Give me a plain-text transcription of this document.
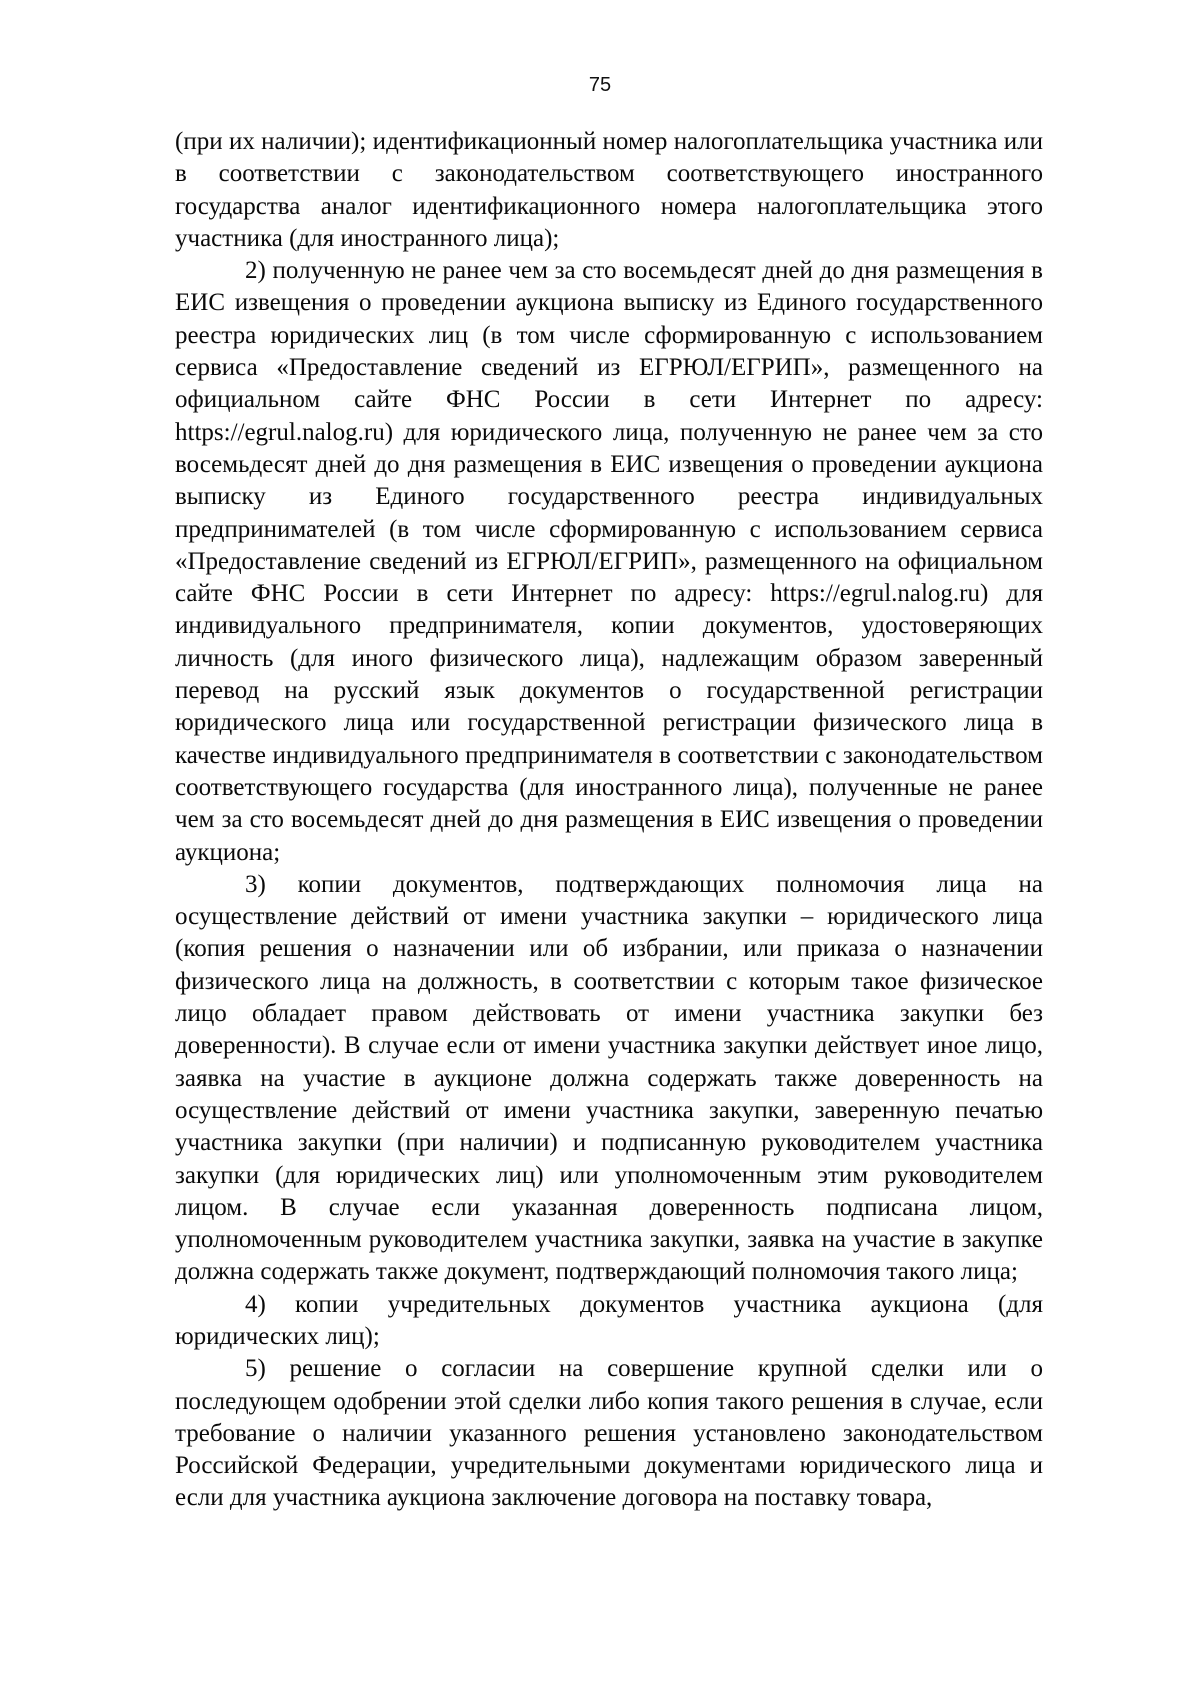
75

(при их наличии); идентификационный номер налогоплательщика участника или в соответствии с законодательством соответствующего иностранного государства аналог идентификационного номера налогоплательщика этого участника (для иностранного лица);

2) полученную не ранее чем за сто восемьдесят дней до дня размещения в ЕИС извещения о проведении аукциона выписку из Единого государственного реестра юридических лиц (в том числе сформированную с использованием сервиса «Предоставление сведений из ЕГРЮЛ/ЕГРИП», размещенного на официальном сайте ФНС России в сети Интернет по адресу: https://egrul.nalog.ru) для юридического лица, полученную не ранее чем за сто восемьдесят дней до дня размещения в ЕИС извещения о проведении аукциона выписку из Единого государственного реестра индивидуальных предпринимателей (в том числе сформированную с использованием сервиса «Предоставление сведений из ЕГРЮЛ/ЕГРИП», размещенного на официальном сайте ФНС России в сети Интернет по адресу: https://egrul.nalog.ru) для индивидуального предпринимателя, копии документов, удостоверяющих личность (для иного физического лица), надлежащим образом заверенный перевод на русский язык документов о государственной регистрации юридического лица или государственной регистрации физического лица в качестве индивидуального предпринимателя в соответствии с законодательством соответствующего государства (для иностранного лица), полученные не ранее чем за сто восемьдесят дней до дня размещения в ЕИС извещения о проведении аукциона;

3) копии документов, подтверждающих полномочия лица на осуществление действий от имени участника закупки – юридического лица (копия решения о назначении или об избрании, или приказа о назначении физического лица на должность, в соответствии с которым такое физическое лицо обладает правом действовать от имени участника закупки без доверенности). В случае если от имени участника закупки действует иное лицо, заявка на участие в аукционе должна содержать также доверенность на осуществление действий от имени участника закупки, заверенную печатью участника закупки (при наличии) и подписанную руководителем участника закупки (для юридических лиц) или уполномоченным этим руководителем лицом. В случае если указанная доверенность подписана лицом, уполномоченным руководителем участника закупки, заявка на участие в закупке должна содержать также документ, подтверждающий полномочия такого лица;

4) копии учредительных документов участника аукциона (для юридических лиц);

5) решение о согласии на совершение крупной сделки или о последующем одобрении этой сделки либо копия такого решения в случае, если требование о наличии указанного решения установлено законодательством Российской Федерации, учредительными документами юридического лица и если для участника аукциона заключение договора на поставку товара,
